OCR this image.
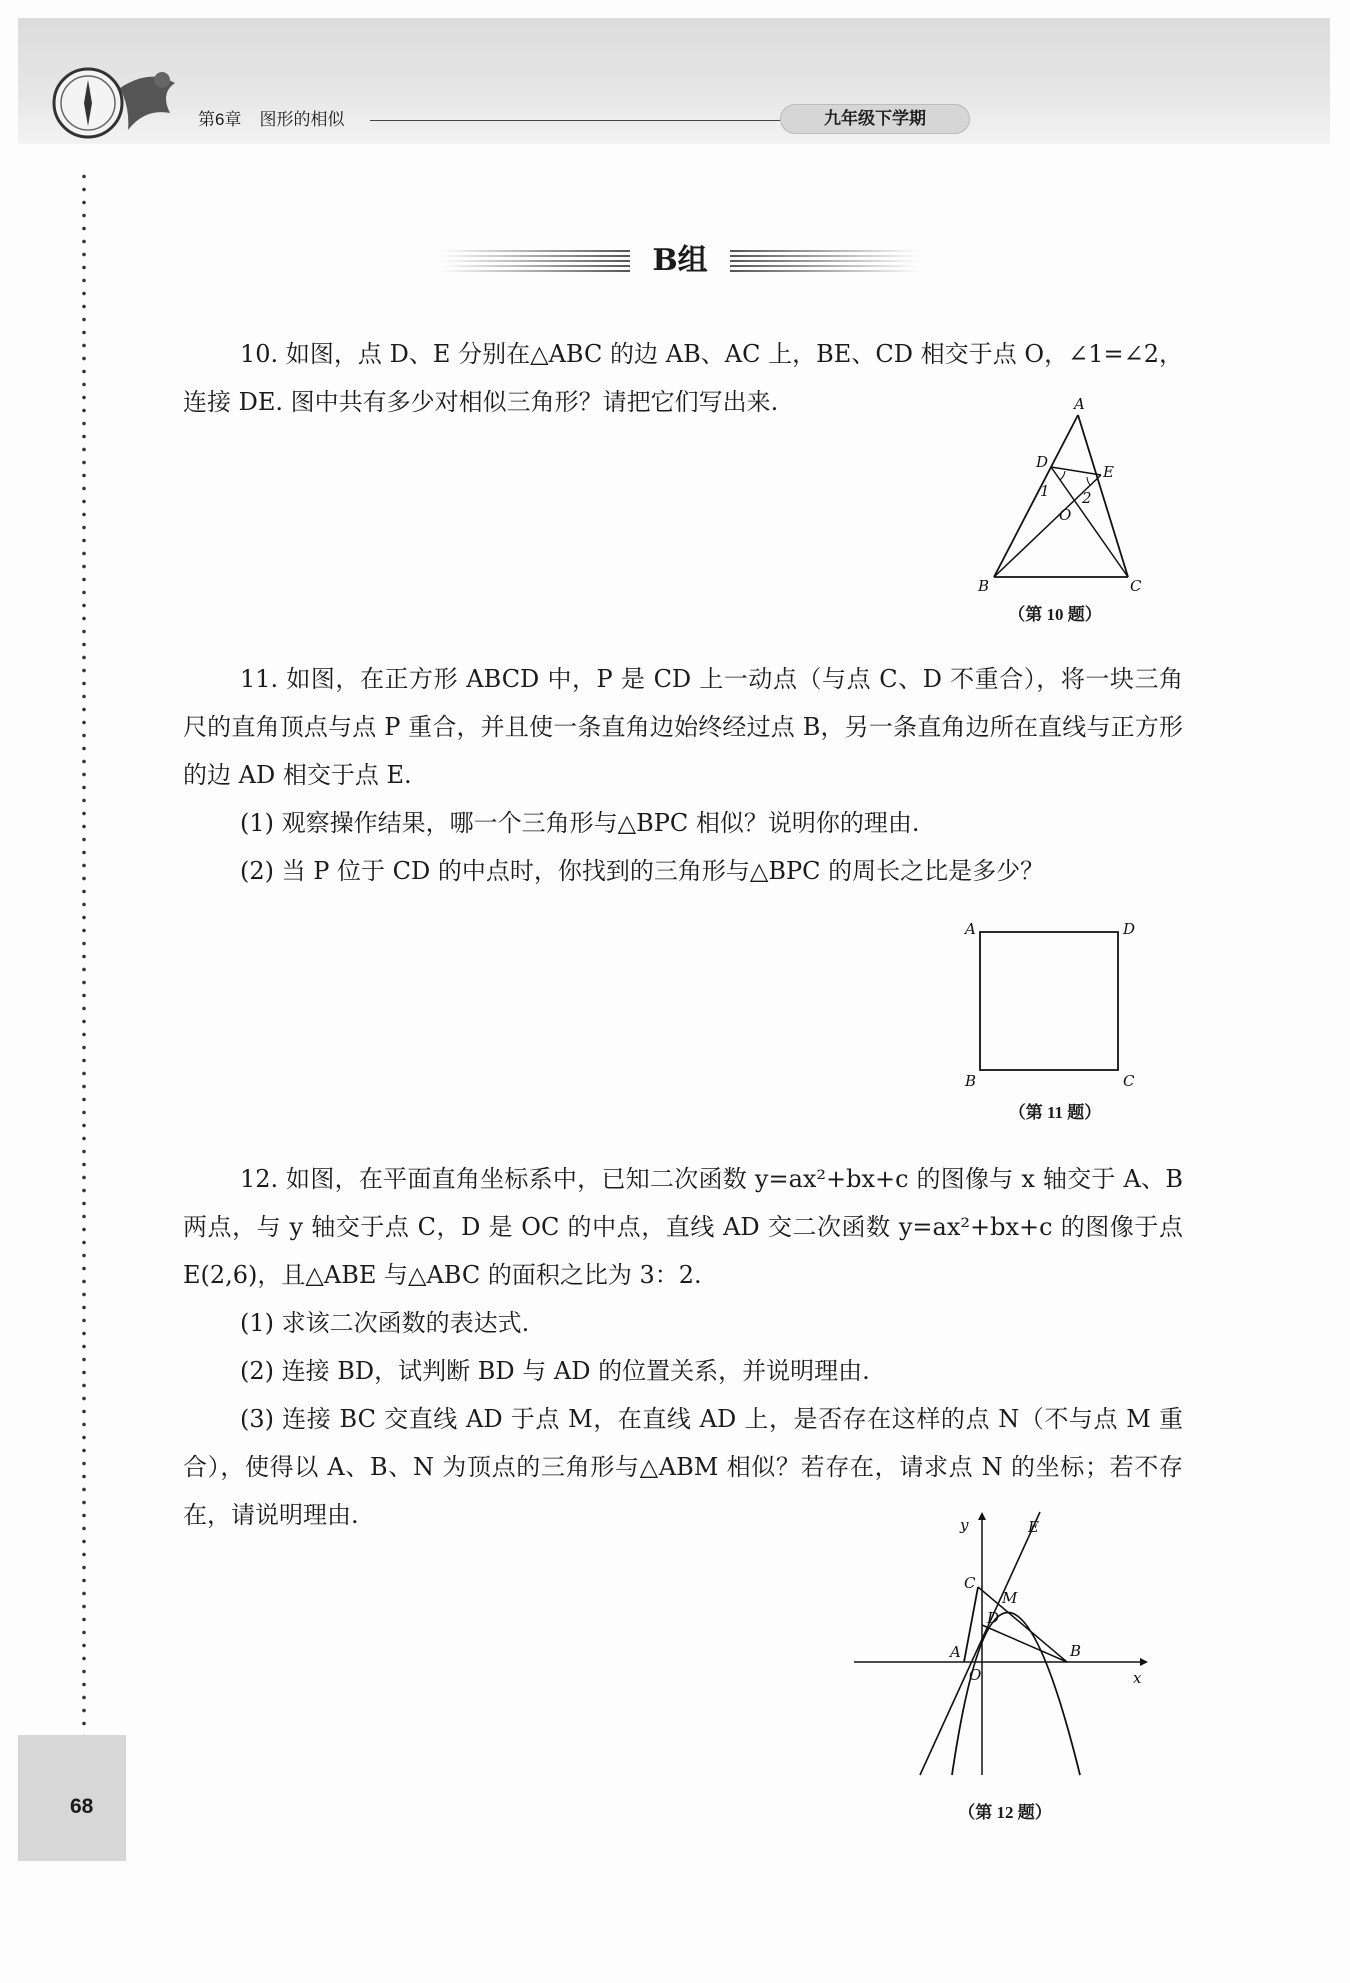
第6章 图形的相似	九年级下学期
68
B组

10. 如图，点 D、E 分别在△ABC 的边 AB、AC 上，BE、CD 相交于点 O，∠1=∠2，连接 DE. 图中共有多少对相似三角形？请把它们写出来.	A
B	C
D
E
O
1 2
（第 10 题）

11. 如图，在正方形 ABCD 中，P 是 CD 上一动点（与点 C、D 不重合），将一块三角尺的直角顶点与点 P 重合，并且使一条直角边始终经过点 B，另一条直角边所在直线与正方形的边 AD 相交于点 E.

(1) 观察操作结果，哪一个三角形与△BPC 相似？说明你的理由.

(2) 当 P 位于 CD 的中点时，你找到的三角形与△BPC 的周长之比是多少？

A	D
B	C
（第 11 题）

12. 如图，在平面直角坐标系中，已知二次函数 y=ax²+bx+c 的图像与 x 轴交于 A、B 两点，与 y 轴交于点 C，D 是 OC 的中点，直线 AD 交二次函数 y=ax²+bx+c 的图像于点 E(2,6)，且△ABE 与△ABC 的面积之比为 3：2.

(1) 求该二次函数的表达式.

(2) 连接 BD，试判断 BD 与 AD 的位置关系，并说明理由.

(3) 连接 BC 交直线 AD 于点 M，在直线 AD 上，是否存在这样的点 N（不与点 M 重合），使得以 A、B、N 为顶点的三角形与△ABM 相似？若存在，请求点 N 的坐标；若不存在，请说明理由.	y
x
O
A	B
C
D
E
M
（第 12 题）
